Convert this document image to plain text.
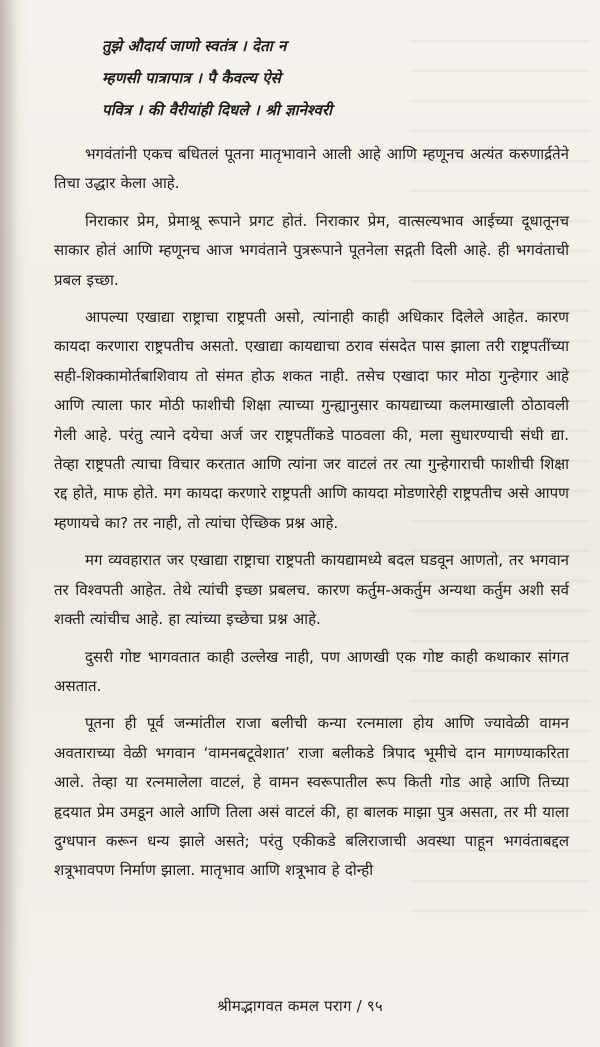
तुझे औदार्य जाणो स्वतंत्र । देता न
म्हणसी पात्रापात्र । पै कैवल्य ऐसे
पवित्र । की वैरीयांही दिधले । श्री ज्ञानेश्वरी

भगवंतांनी एकच बधितलं पूतना मातृभावाने आली आहे आणि म्हणूनच अत्यंत करुणार्द्रतेने तिचा उद्धार केला आहे.

निराकार प्रेम, प्रेमाश्रू रूपाने प्रगट होतं. निराकार प्रेम, वात्सल्यभाव आईच्या दूधातूनच साकार होतं आणि म्हणूनच आज भगवंताने पुत्ररूपाने पूतनेला सद्गती दिली आहे. ही भगवंताची प्रबल इच्छा.

आपल्या एखाद्या राष्ट्राचा राष्ट्रपती असो, त्यांनाही काही अधिकार दिलेले आहेत. कारण कायदा करणारा राष्ट्रपतीच असतो. एखाद्या कायद्याचा ठराव संसदेत पास झाला तरी राष्ट्रपतींच्या सही-शिक्कामोर्तबाशिवाय तो संमत होऊ शकत नाही. तसेच एखादा फार मोठा गुन्हेगार आहे आणि त्याला फार मोठी फाशीची शिक्षा त्याच्या गुन्ह्यानुसार कायद्याच्या कलमाखाली ठोठावली गेली आहे. परंतु त्याने दयेचा अर्ज जर राष्ट्रपतींकडे पाठवला की, मला सुधारण्याची संधी द्या. तेव्हा राष्ट्रपती त्याचा विचार करतात आणि त्यांना जर वाटलं तर त्या गुन्हेगाराची फाशीची शिक्षा रद्द होते, माफ होते. मग कायदा करणारे राष्ट्रपती आणि कायदा मोडणारेही राष्ट्रपतीच असे आपण म्हणायचे का? तर नाही, तो त्यांचा ऐच्छिक प्रश्न आहे.

मग व्यवहारात जर एखाद्या राष्ट्राचा राष्ट्रपती कायद्यामध्ये बदल घडवून आणतो, तर भगवान तर विश्वपती आहेत. तेथे त्यांची इच्छा प्रबलच. कारण कर्तुम-अकर्तुम अन्यथा कर्तुम अशी सर्व शक्ती त्यांचीच आहे. हा त्यांच्या इच्छेचा प्रश्न आहे.

दुसरी गोष्ट भागवतात काही उल्लेख नाही, पण आणखी एक गोष्ट काही कथाकार सांगत असतात.

पूतना ही पूर्व जन्मांतील राजा बलीची कन्या रत्नमाला होय आणि ज्यावेळी वामन अवताराच्या वेळी भगवान ‘वामनबटूवेशात’ राजा बलीकडे त्रिपाद भूमीचे दान मागण्याकरिता आले. तेव्हा या रत्नमालेला वाटलं, हे वामन स्वरूपातील रूप किती गोड आहे आणि तिच्या हृदयात प्रेम उमडून आले आणि तिला असं वाटलं की, हा बालक माझा पुत्र असता, तर मी याला दुग्धपान करून धन्य झाले असते; परंतु एकीकडे बलिराजाची अवस्था पाहून भगवंताबद्दल शत्रूभावपण निर्माण झाला. मातृभाव आणि शत्रूभाव हे दोन्ही

श्रीमद्भागवत कमल पराग / ९५
